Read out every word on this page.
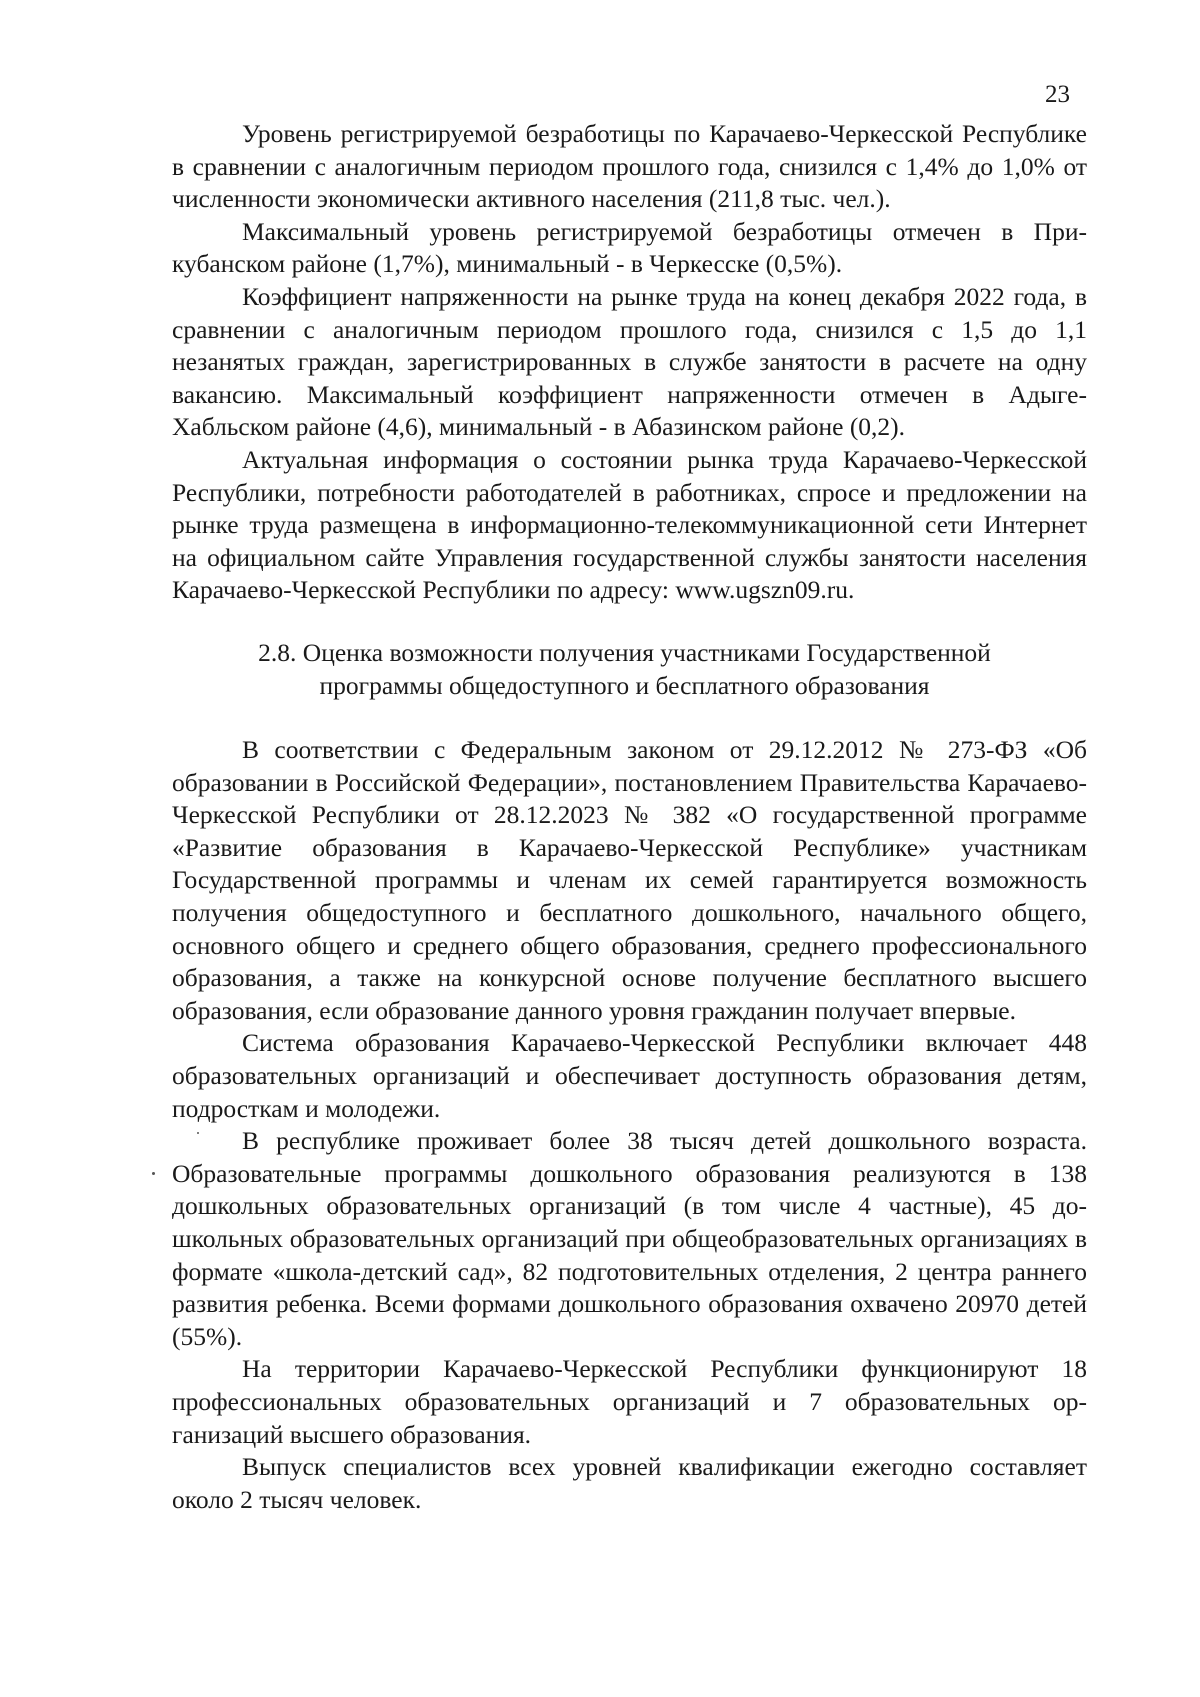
23

Уровень регистрируемой безработицы по Карачаево-Черкесской Республике в сравнении с аналогичным периодом прошлого года, снизился с 1,4% до 1,0% от численности экономически активного населения (211,8 тыс. чел.).

Максимальный уровень регистрируемой безработицы отмечен в Прикубанском районе (1,7%), минимальный - в Черкесске (0,5%).

Коэффициент напряженности на рынке труда на конец декабря 2022 года, в сравнении с аналогичным периодом прошлого года, снизился с 1,5 до 1,1 незанятых граждан, зарегистрированных в службе занятости в расчете на одну вакансию. Максимальный коэффициент напряженности отмечен в Адыге-Хабльском районе (4,6), минимальный - в Абазинском районе (0,2).

Актуальная информация о состоянии рынка труда Карачаево-Черкесской Республики, потребности работодателей в работниках, спросе и предложении на рынке труда размещена в информационно-телекоммуникационной сети Интернет на официальном сайте Управления государственной службы занятости населения Карачаево-Черкесской Республики по адресу: www.ugszn09.ru.

2.8. Оценка возможности получения участниками Государственной
программы общедоступного и бесплатного образования

В соответствии с Федеральным законом от 29.12.2012 № 273-ФЗ «Об образовании в Российской Федерации», постановлением Правительства Карачаево-Черкесской Республики от 28.12.2023 № 382 «О государственной программе «Развитие образования в Карачаево-Черкесской Республике» участникам Государственной программы и членам их семей гарантируется возможность получения общедоступного и бесплатного дошкольного, начального общего, основного общего и среднего общего образования, среднего профессионального образования, а также на конкурсной основе получение бесплатного высшего образования, если образование данного уровня гражданин получает впервые.

Система образования Карачаево-Черкесской Республики включает 448 образовательных организаций и обеспечивает доступность образования детям, подросткам и молодежи.

В республике проживает более 38 тысяч детей дошкольного возраста. Образовательные программы дошкольного образования реализуются в 138 дошкольных образовательных организаций (в том числе 4 частные), 45 дошкольных образовательных организаций при общеобразовательных организациях в формате «школа-детский сад», 82 подготовительных отделения, 2 центра раннего развития ребенка. Всеми формами дошкольного образования охвачено 20970 детей (55%).

На территории Карачаево-Черкесской Республики функционируют 18 профессиональных образовательных организаций и 7 образовательных организаций высшего образования.

Выпуск специалистов всех уровней квалификации ежегодно составляет около 2 тысяч человек.
